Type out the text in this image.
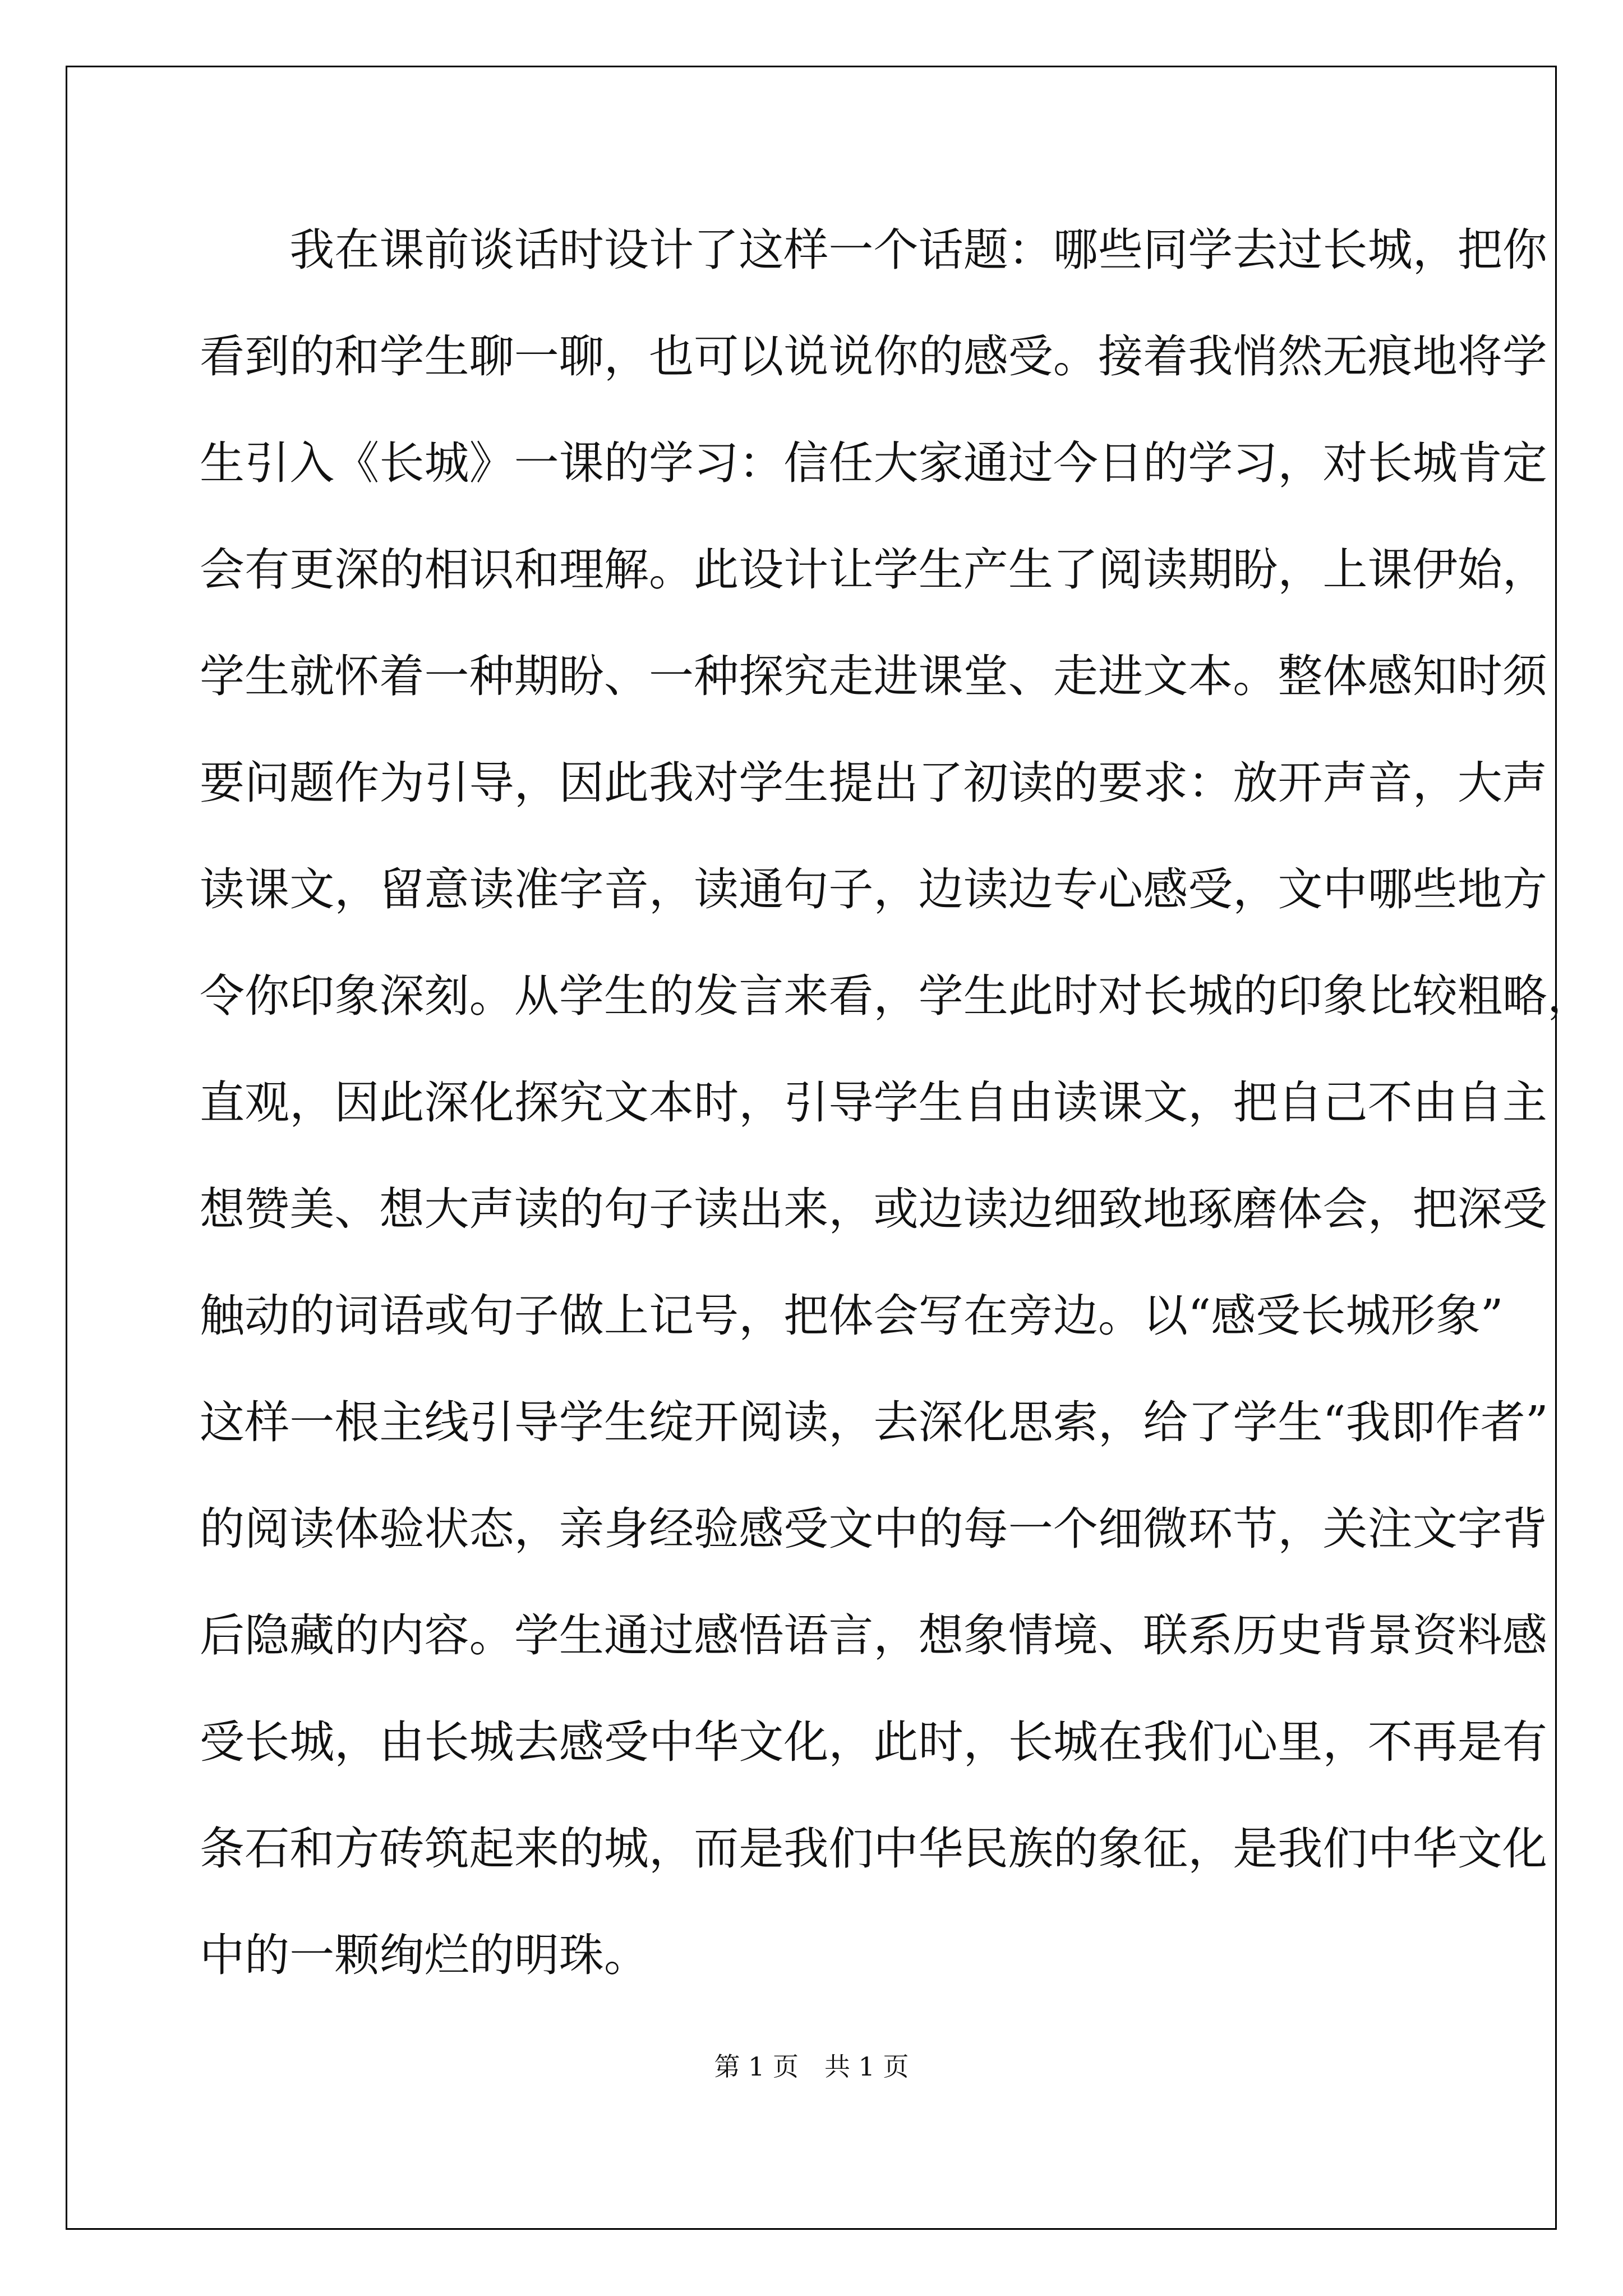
　　我在课前谈话时设计了这样一个话题：哪些同学去过长城，把你
看到的和学生聊一聊，也可以说说你的感受。接着我悄然无痕地将学
生引入《长城》一课的学习：信任大家通过今日的学习，对长城肯定
会有更深的相识和理解。此设计让学生产生了阅读期盼，上课伊始，
学生就怀着一种期盼、一种探究走进课堂、走进文本。整体感知时须
要问题作为引导，因此我对学生提出了初读的要求：放开声音，大声
读课文，留意读准字音，读通句子，边读边专心感受，文中哪些地方
令你印象深刻。从学生的发言来看，学生此时对长城的印象比较粗略，
直观，因此深化探究文本时，引导学生自由读课文，把自己不由自主
想赞美、想大声读的句子读出来，或边读边细致地琢磨体会，把深受
触动的词语或句子做上记号，把体会写在旁边。以“感受长城形象”
这样一根主线引导学生绽开阅读，去深化思索，给了学生“我即作者”
的阅读体验状态，亲身经验感受文中的每一个细微环节，关注文字背
后隐藏的内容。学生通过感悟语言，想象情境、联系历史背景资料感
受长城，由长城去感受中华文化，此时，长城在我们心里，不再是有
条石和方砖筑起来的城，而是我们中华民族的象征，是我们中华文化
中的一颗绚烂的明珠。
第 1 页　共 1 页
